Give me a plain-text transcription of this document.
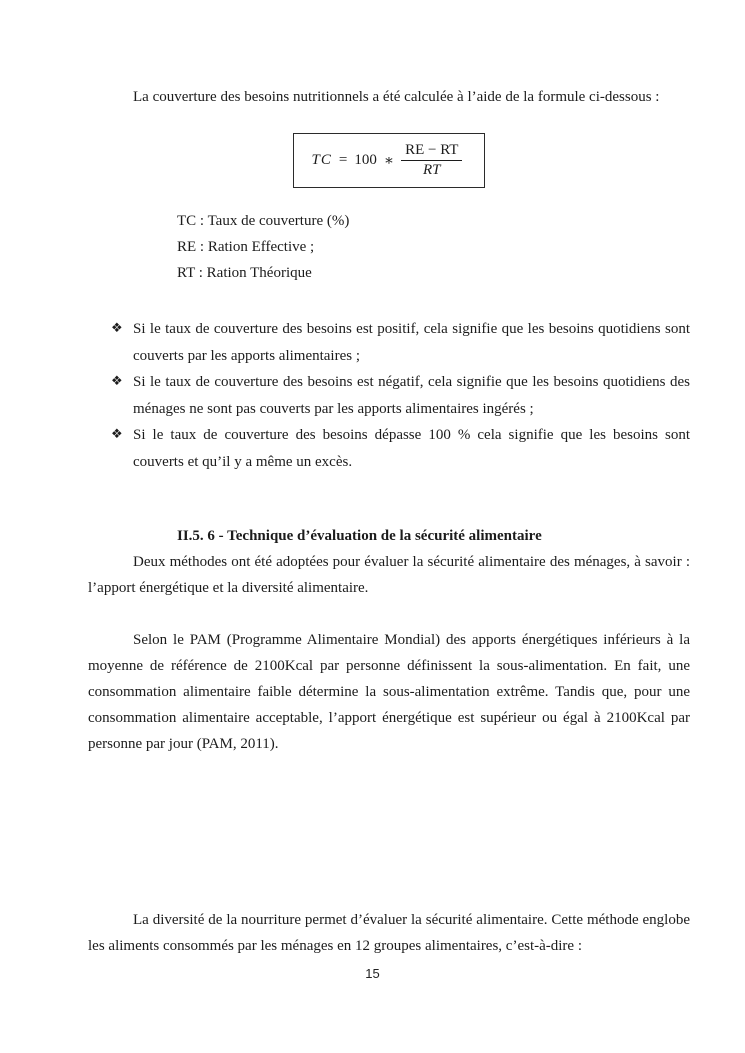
La couverture des besoins nutritionnels a été calculée à l’aide de la formule ci-dessous :

TC = 100 ∗ $\frac{RE - RT}{RT}$

TC : Taux de couverture (%)

RE : Ration Effective ;

RT : Ration Théorique

❖ Si le taux de couverture des besoins est positif, cela signifie que les besoins quotidiens sont couverts par les apports alimentaires ;
❖ Si le taux de couverture des besoins est négatif, cela signifie que les besoins quotidiens des ménages ne sont pas couverts par les apports alimentaires ingérés ;
❖ Si le taux de couverture des besoins dépasse 100 % cela signifie que les besoins sont couverts et qu’il y a même un excès.

II.5. 6 - Technique d’évaluation de la sécurité alimentaire

Deux méthodes ont été adoptées pour évaluer la sécurité alimentaire des ménages, à savoir : l’apport énergétique et la diversité alimentaire.

Selon le PAM (Programme Alimentaire Mondial) des apports énergétiques inférieurs à la moyenne de référence de 2100Kcal par personne définissent la sous-alimentation. En fait, une consommation alimentaire faible détermine la sous-alimentation extrême. Tandis que, pour une consommation alimentaire acceptable, l’apport énergétique est supérieur ou égal à 2100Kcal par personne par jour (PAM, 2011).

La diversité de la nourriture permet d’évaluer la sécurité alimentaire. Cette méthode englobe les aliments consommés par les ménages en 12 groupes alimentaires, c’est-à-dire :

15
